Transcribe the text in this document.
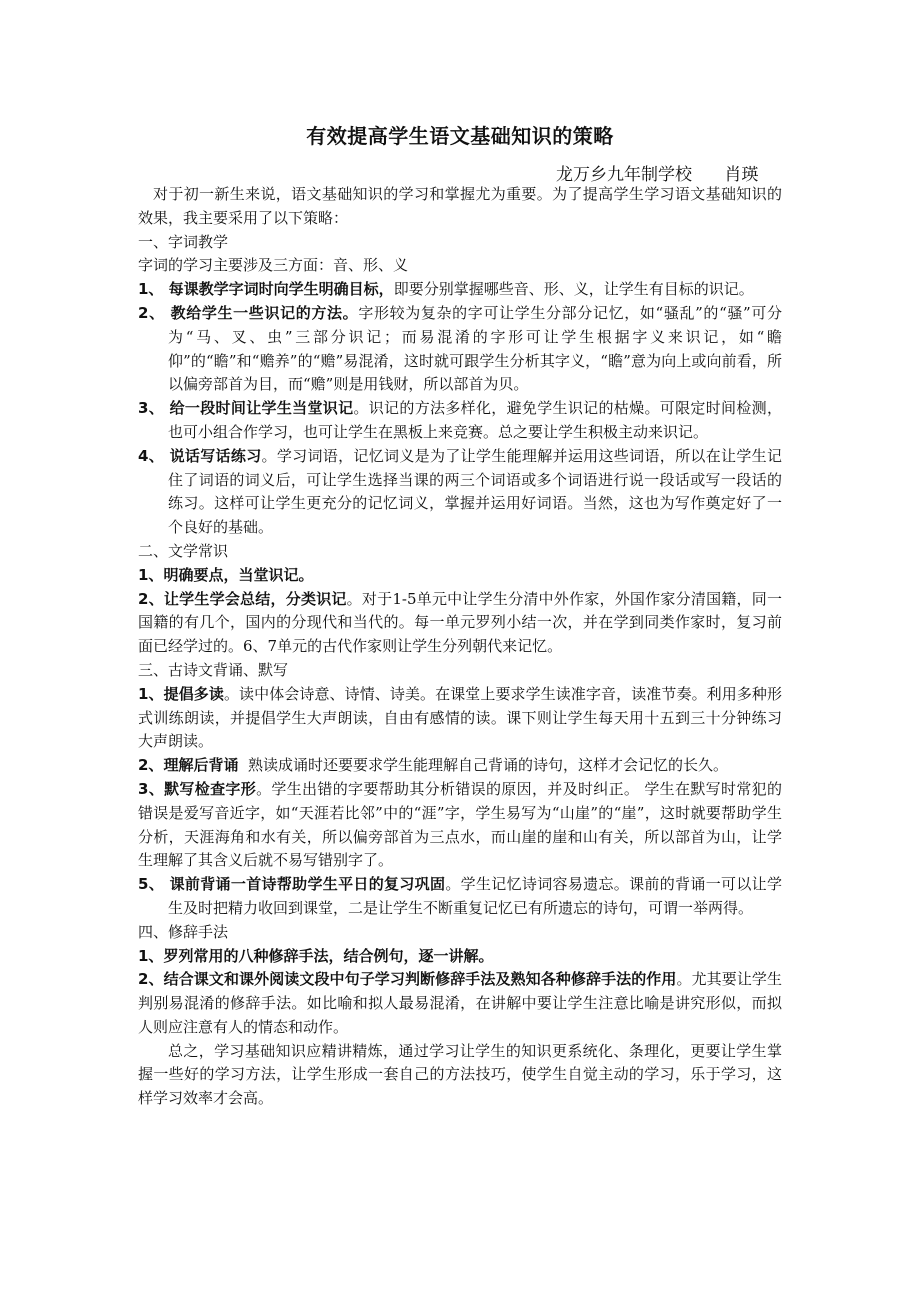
有效提高学生语文基础知识的策略
龙万乡九年制学校      肖瑛

对于初一新生来说，语文基础知识的学习和掌握尤为重要。为了提高学生学习语文基础知识的效果，我主要采用了以下策略：

一、字词教学

字词的学习主要涉及三方面：音、形、义

1、 每课教学字词时向学生明确目标，即要分别掌握哪些音、形、义，让学生有目标的识记。

2、 教给学生一些识记的方法。字形较为复杂的字可让学生分部分记忆，如“骚乱”的“骚”可分为“马、叉、虫”三部分识记；而易混淆的字形可让学生根据字义来识记，如“瞻仰”的“瞻”和“赡养”的“赡”易混淆，这时就可跟学生分析其字义，“瞻”意为向上或向前看，所以偏旁部首为目，而“赡”则是用钱财，所以部首为贝。

3、 给一段时间让学生当堂识记。识记的方法多样化，避免学生识记的枯燥。可限定时间检测，也可小组合作学习，也可让学生在黑板上来竞赛。总之要让学生积极主动来识记。

4、 说话写话练习。学习词语，记忆词义是为了让学生能理解并运用这些词语，所以在让学生记住了词语的词义后，可让学生选择当课的两三个词语或多个词语进行说一段话或写一段话的练习。这样可让学生更充分的记忆词义，掌握并运用好词语。当然，这也为写作奠定好了一个良好的基础。

二、文学常识

1、明确要点，当堂识记。

2、让学生学会总结，分类识记。对于1-5单元中让学生分清中外作家，外国作家分清国籍，同一国籍的有几个，国内的分现代和当代的。每一单元罗列小结一次，并在学到同类作家时，复习前面已经学过的。6、7单元的古代作家则让学生分列朝代来记忆。

三、古诗文背诵、默写

1、提倡多读。读中体会诗意、诗情、诗美。在课堂上要求学生读准字音，读准节奏。利用多种形式训练朗读，并提倡学生大声朗读，自由有感情的读。课下则让学生每天用十五到三十分钟练习大声朗读。

2、理解后背诵  熟读成诵时还要要求学生能理解自己背诵的诗句，这样才会记忆的长久。

3、默写检查字形。学生出错的字要帮助其分析错误的原因，并及时纠正。 学生在默写时常犯的错误是爱写音近字，如“天涯若比邻”中的“涯”字，学生易写为“山崖”的“崖”，这时就要帮助学生分析，天涯海角和水有关，所以偏旁部首为三点水，而山崖的崖和山有关，所以部首为山，让学生理解了其含义后就不易写错别字了。

5、 课前背诵一首诗帮助学生平日的复习巩固。学生记忆诗词容易遗忘。课前的背诵一可以让学生及时把精力收回到课堂，二是让学生不断重复记忆已有所遗忘的诗句，可谓一举两得。

四、修辞手法

1、罗列常用的八种修辞手法，结合例句，逐一讲解。

2、结合课文和课外阅读文段中句子学习判断修辞手法及熟知各种修辞手法的作用。尤其要让学生判别易混淆的修辞手法。如比喻和拟人最易混淆，在讲解中要让学生注意比喻是讲究形似，而拟人则应注意有人的情态和动作。

总之，学习基础知识应精讲精炼，通过学习让学生的知识更系统化、条理化，更要让学生掌握一些好的学习方法，让学生形成一套自己的方法技巧，使学生自觉主动的学习，乐于学习，这样学习效率才会高。
